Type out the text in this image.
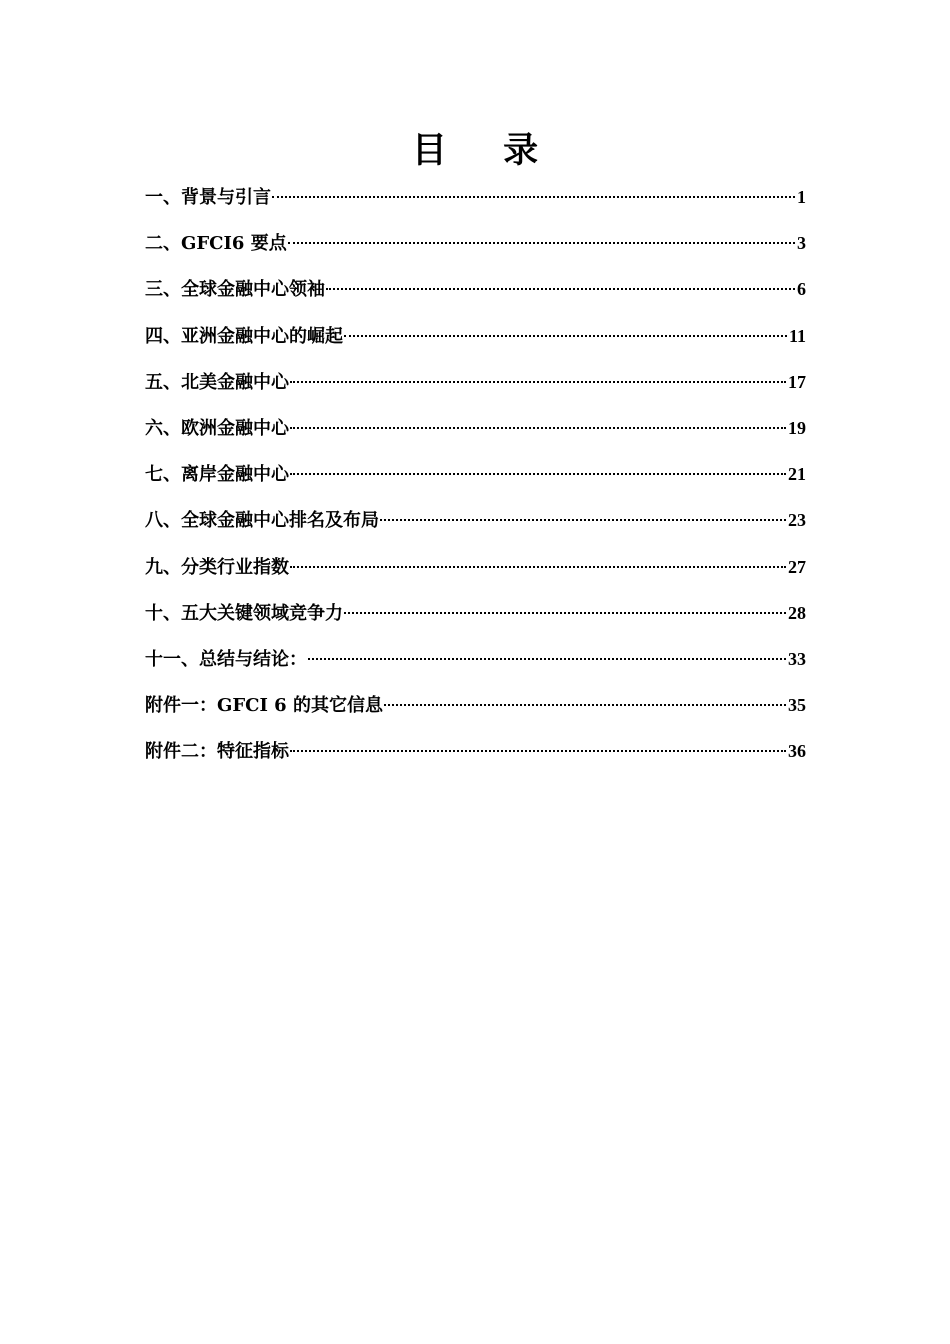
目 录
一、背景与引言	1
二、GFCI6 要点	3
三、全球金融中心领袖	6
四、亚洲金融中心的崛起	11
五、北美金融中心	17
六、欧洲金融中心	19
七、离岸金融中心	21
八、全球金融中心排名及布局	23
九、分类行业指数	27
十、五大关键领域竞争力	28
十一、总结与结论：	33
附件一：GFCI 6 的其它信息	35
附件二：特征指标	36
